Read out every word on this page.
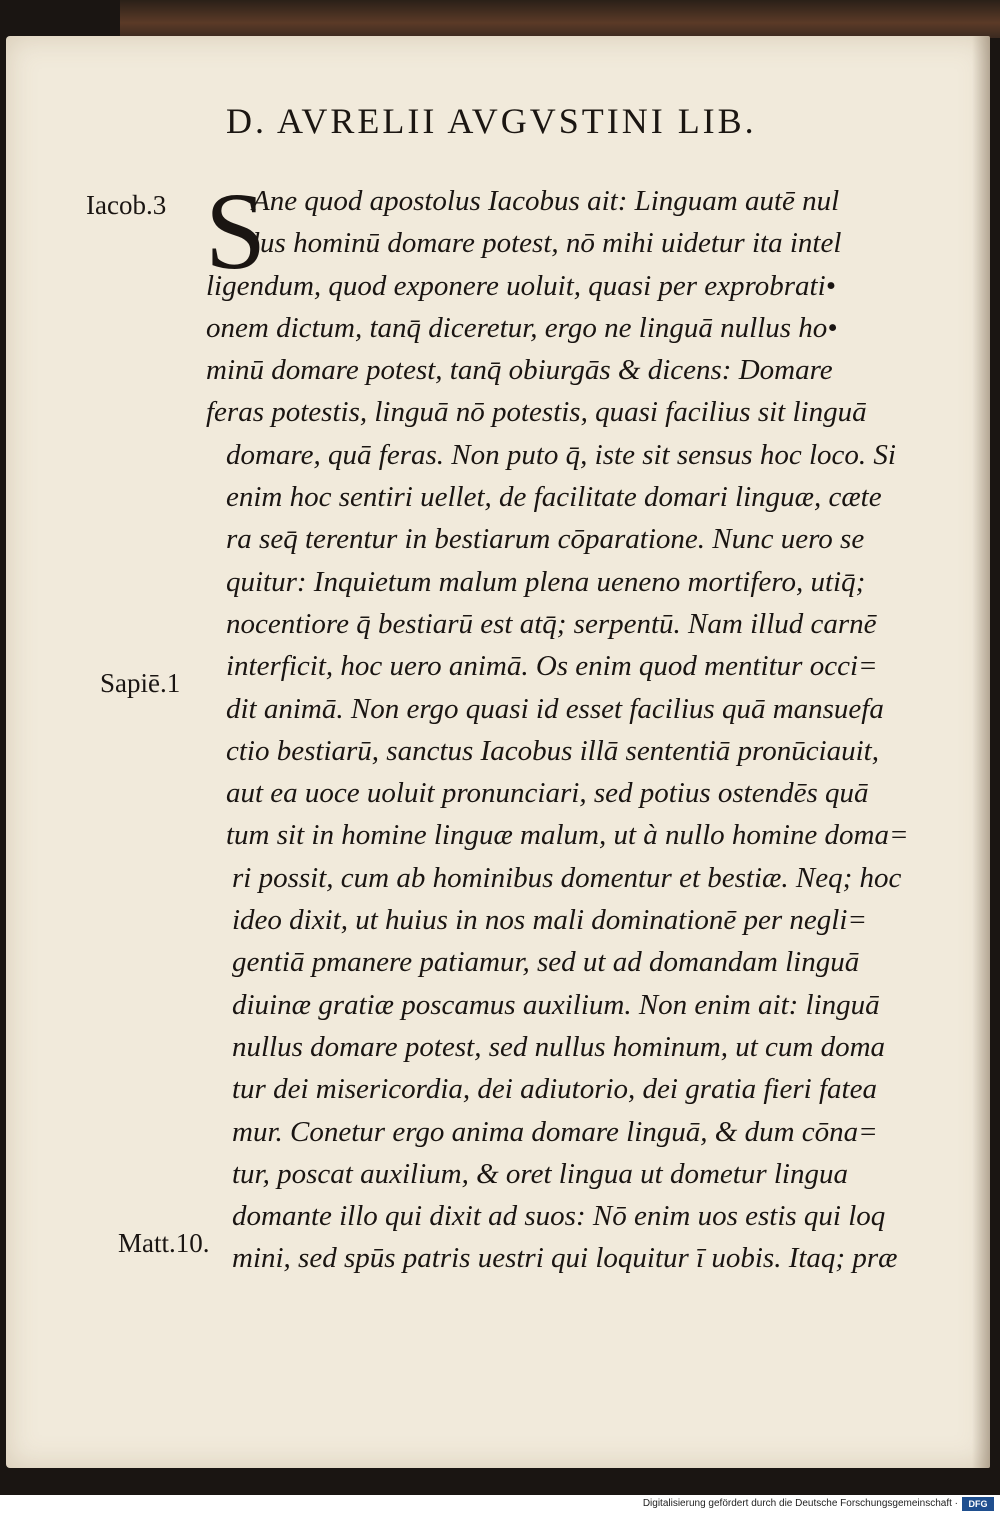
D. AVRELII AVGVSTINI LIB.
S
Iacob.3
Sapiē.1
Matt.10.
Ane quod apostolus Iacobus ait: Linguam autē nul
lus hominū domare potest, nō mihi uidetur ita intel
ligendum, quod exponere uoluit, quasi per exprobrati•
onem dictum, tanq̄ diceretur, ergo ne linguā nullus ho•
minū domare potest, tanq̄ obiurgās & dicens: Domare
feras potestis, linguā nō potestis, quasi facilius sit linguā
domare, quā feras. Non puto q̄, iste sit sensus hoc loco. Si
enim hoc sentiri uellet, de facilitate domari linguæ, cæte
ra seq̄ terentur in bestiarum cōparatione. Nunc uero se
quitur: Inquietum malum plena ueneno mortifero, utiq̄;
nocentiore q̄ bestiarū est atq̄; serpentū. Nam illud carnē
interficit, hoc uero animā. Os enim quod mentitur occi=
dit animā. Non ergo quasi id esset facilius quā mansuefa
ctio bestiarū, sanctus Iacobus illā sententiā pronūciauit,
aut ea uoce uoluit pronunciari, sed potius ostendēs quā
tum sit in homine linguæ malum, ut à nullo homine doma=
ri possit, cum ab hominibus domentur et bestiæ. Neq; hoc
ideo dixit, ut huius in nos mali dominationē per negli=
gentiā pmanere patiamur, sed ut ad domandam linguā
diuinæ gratiæ poscamus auxilium. Non enim ait: linguā
nullus domare potest, sed nullus hominum, ut cum doma
tur dei misericordia, dei adiutorio, dei gratia fieri fatea
mur. Conetur ergo anima domare linguā, & dum cōna=
tur, poscat auxilium, & oret lingua ut dometur lingua
domante illo qui dixit ad suos: Nō enim uos estis qui loq
mini, sed spūs patris uestri qui loquitur ī uobis. Itaq; præ
Digitalisierung gefördert durch die Deutsche Forschungsgemeinschaft ·	DFG
